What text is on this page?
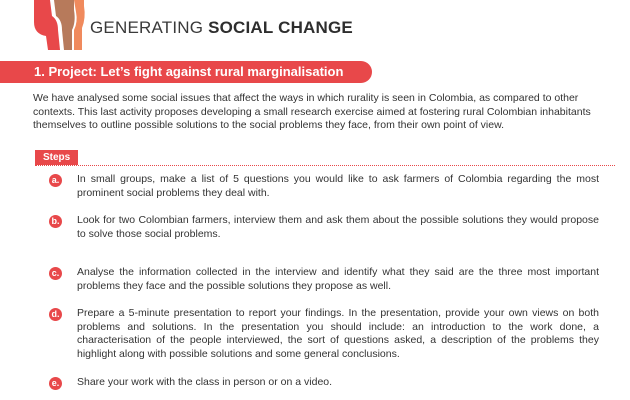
GENERATING SOCIAL CHANGE
1. Project: Let’s fight against rural marginalisation
We have analysed some social issues that affect the ways in which rurality is seen in Colombia, as compared to other contexts. This last activity proposes developing a small research exercise aimed at fostering rural Colombian inhabitants themselves to outline possible solutions to the social problems they face, from their own point of view.
Steps
a. In small groups, make a list of 5 questions you would like to ask farmers of Colombia regarding the most prominent social problems they deal with.
b. Look for two Colombian farmers, interview them and ask them about the possible solutions they would propose to solve those social problems.
c. Analyse the information collected in the interview and identify what they said are the three most important problems they face and the possible solutions they propose as well.
d. Prepare a 5-minute presentation to report your findings. In the presentation, provide your own views on both problems and solutions. In the presentation you should include: an introduction to the work done, a characterisation of the people interviewed, the sort of questions asked, a description of the problems they highlight along with possible solutions and some general conclusions.
e. Share your work with the class in person or on a video.
